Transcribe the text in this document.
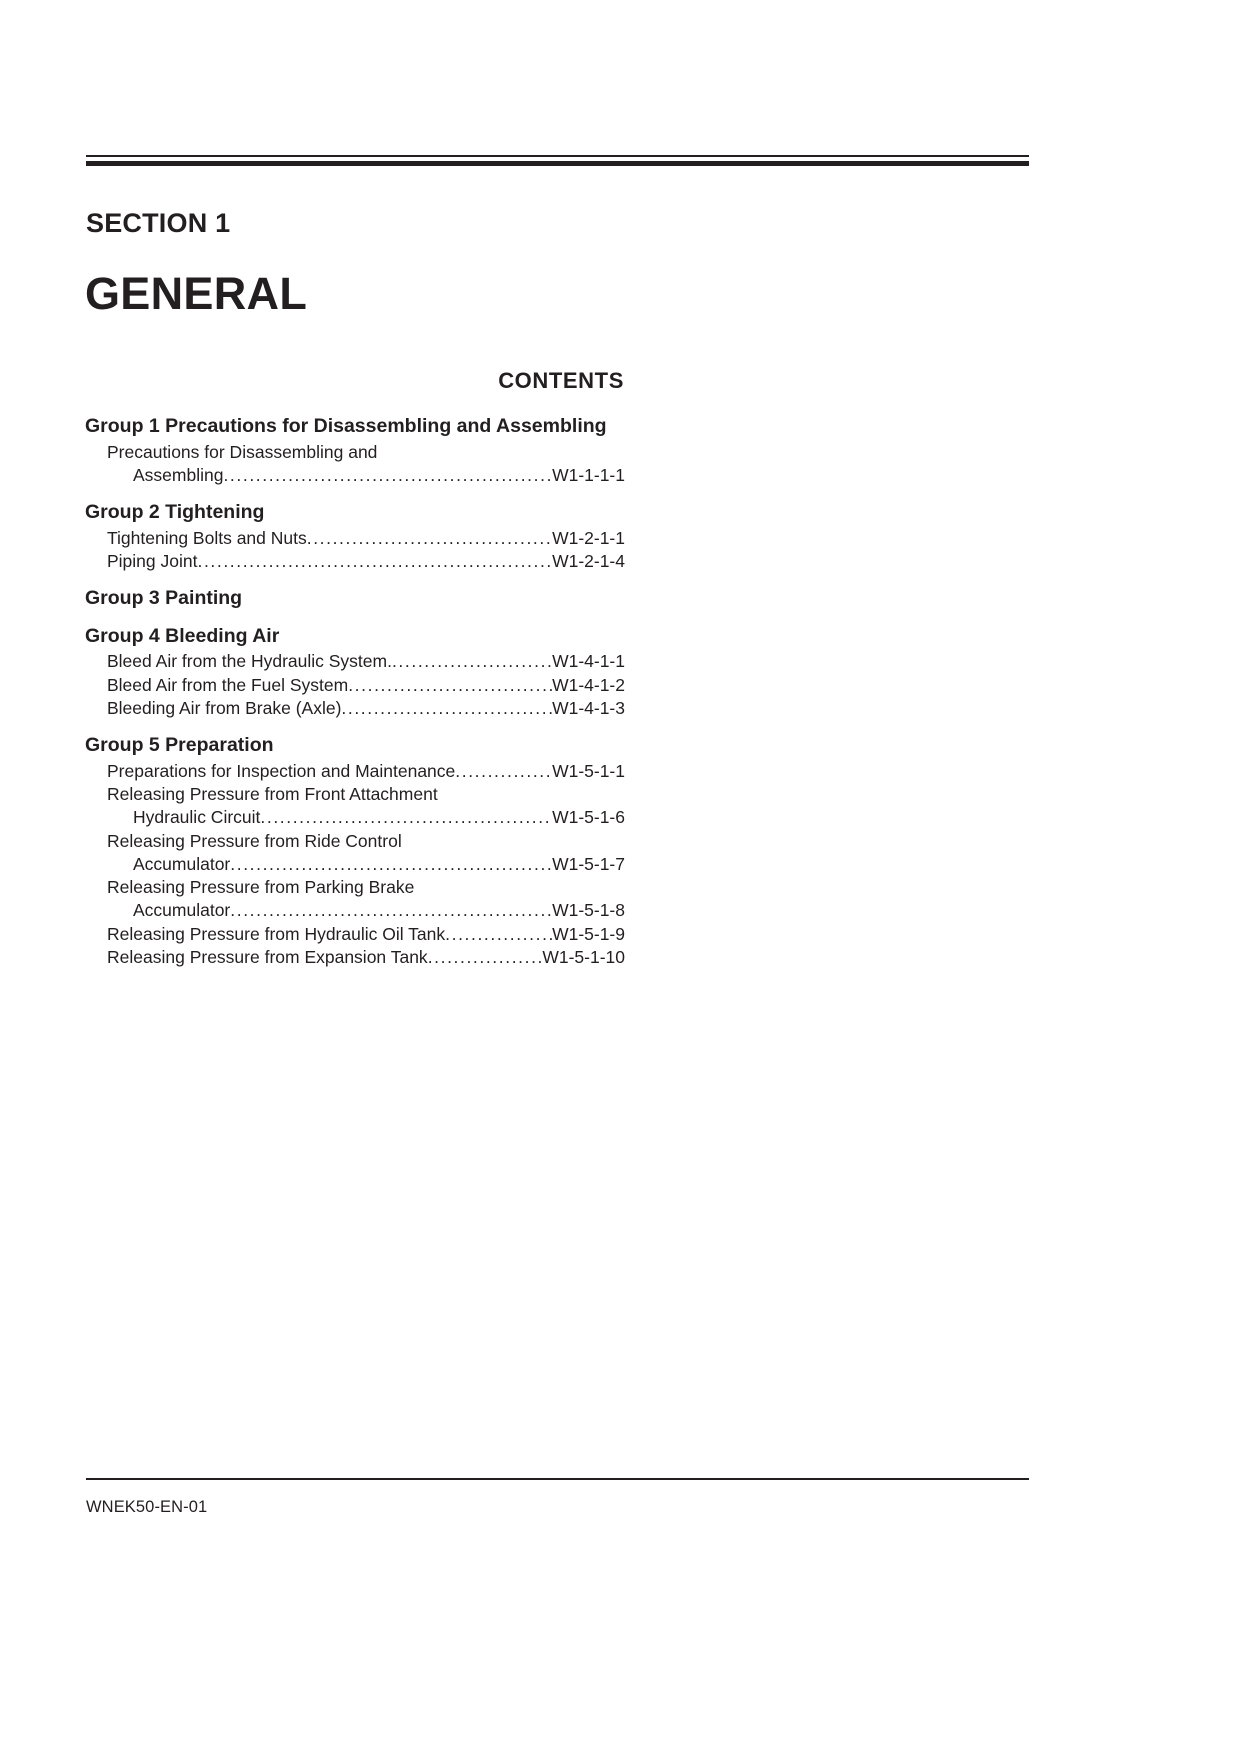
SECTION 1
GENERAL
CONTENTS
Group 1 Precautions for Disassembling and Assembling
Precautions for Disassembling and
Assembling .....	W1-1-1-1
Group 2 Tightening
Tightening Bolts and Nuts .....	W1-2-1-1
Piping Joint .....	W1-2-1-4
Group 3 Painting
Group 4 Bleeding Air
Bleed Air from the Hydraulic System. .....	W1-4-1-1
Bleed Air from the Fuel System .....	W1-4-1-2
Bleeding Air from Brake (Axle) .....	W1-4-1-3
Group 5 Preparation
Preparations for Inspection and Maintenance .....	W1-5-1-1
Releasing Pressure from Front Attachment
Hydraulic Circuit .....	W1-5-1-6
Releasing Pressure from Ride Control
Accumulator .....	W1-5-1-7
Releasing Pressure from Parking Brake
Accumulator .....	W1-5-1-8
Releasing Pressure from Hydraulic Oil Tank .....	W1-5-1-9
Releasing Pressure from Expansion Tank .....	W1-5-1-10
WNEK50-EN-01
